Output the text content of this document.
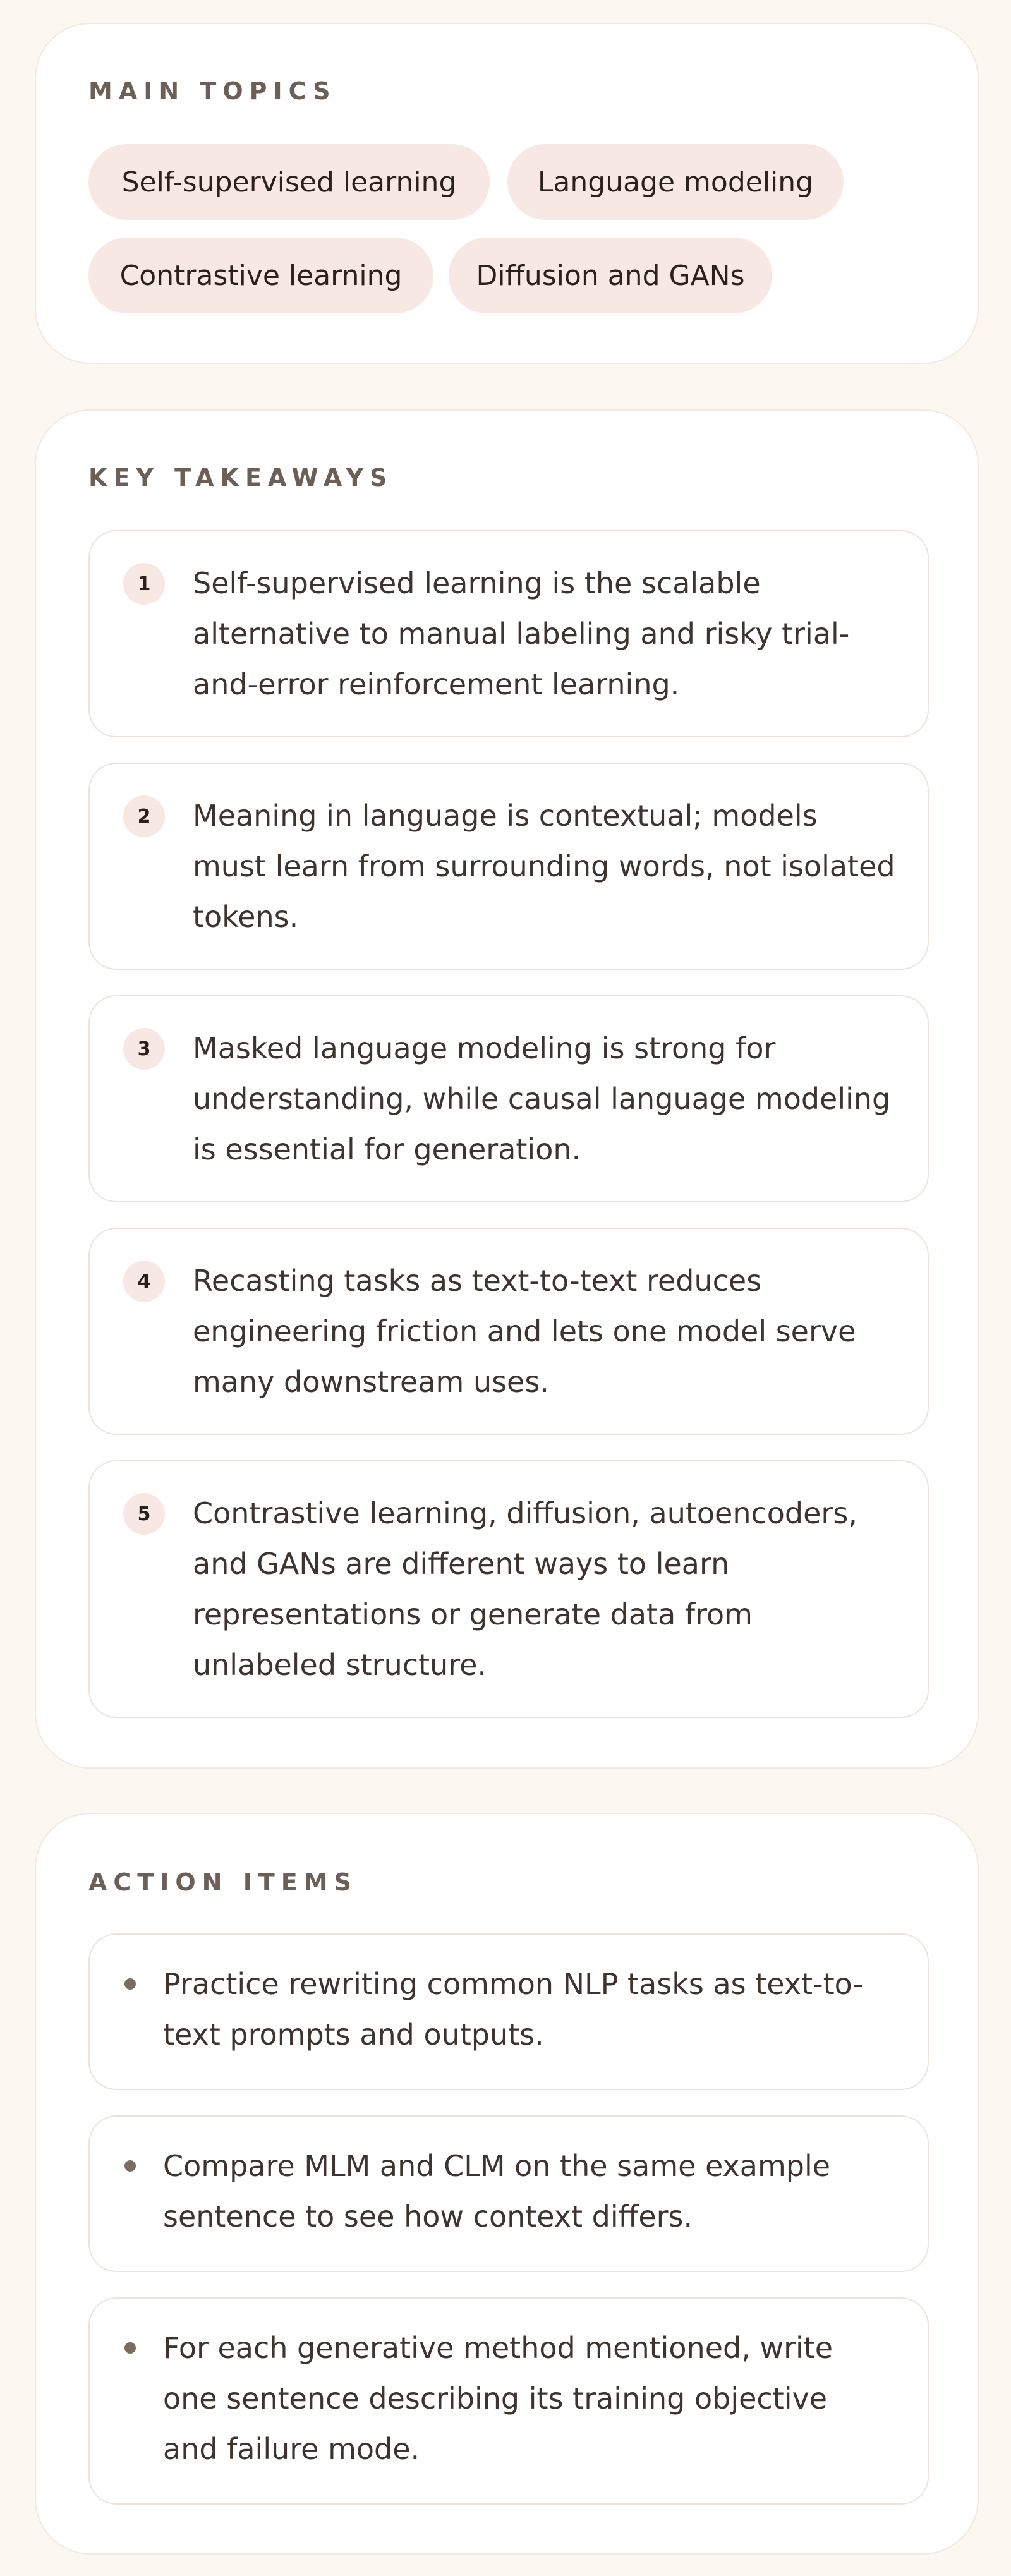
MAIN TOPICS
Self-supervised learning	Language modeling
Contrastive learning	Diffusion and GANs
KEY TAKEAWAYS
1	Self-supervised learning is the scalable alternative to manual labeling and risky trial-and-error reinforcement learning.
2	Meaning in language is contextual; models must learn from surrounding words, not isolated tokens.
3	Masked language modeling is strong for understanding, while causal language modeling is essential for generation.
4	Recasting tasks as text-to-text reduces engineering friction and lets one model serve many downstream uses.
5	Contrastive learning, diffusion, autoencoders, and GANs are different ways to learn representations or generate data from unlabeled structure.
ACTION ITEMS
Practice rewriting common NLP tasks as text-to-text prompts and outputs.
Compare MLM and CLM on the same example sentence to see how context differs.
For each generative method mentioned, write one sentence describing its training objective and failure mode.
